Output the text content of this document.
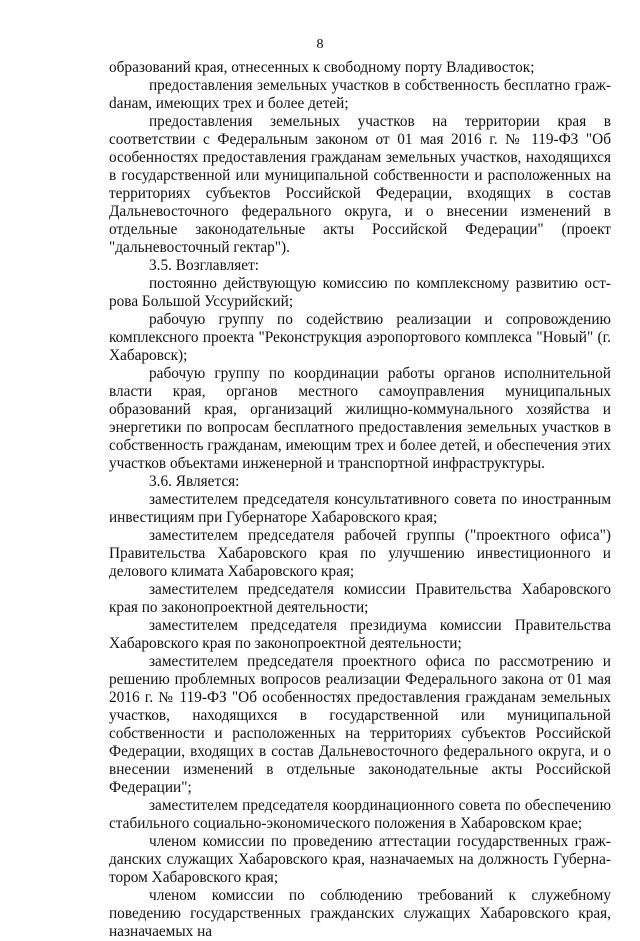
8

образований края, отнесенных к свободному порту Владивосток;

предоставления земельных участков в собственность бесплатно гражdанам, имеющих трех и более детей;

предоставления земельных участков на территории края в соответствии с Федеральным законом от 01 мая 2016 г. № 119-ФЗ "Об особенностях предоставления гражданам земельных участков, находящихся в государственной или муниципальной собственности и расположенных на территориях субъектов Российской Федерации, входящих в состав Дальневосточного федерального округа, и о внесении изменений в отдельные законодательные акты Российской Федерации" (проект "дальневосточный гектар").

3.5. Возглавляет:

постоянно действующую комиссию по комплексному развитию острова Большой Уссурийский;

рабочую группу по содействию реализации и сопровождению комплексного проекта "Реконструкция аэропортового комплекса "Новый" (г. Хабаровск);

рабочую группу по координации работы органов исполнительной власти края, органов местного самоуправления муниципальных образований края, организаций жилищно-коммунального хозяйства и энергетики по вопросам бесплатного предоставления земельных участков в собственность гражданам, имеющим трех и более детей, и обеспечения этих участков объектами инженерной и транспортной инфраструктуры.

3.6. Является:

заместителем председателя консультативного совета по иностранным инвестициям при Губернаторе Хабаровского края;

заместителем председателя рабочей группы ("проектного офиса") Правительства Хабаровского края по улучшению инвестиционного и делового климата Хабаровского края;

заместителем председателя комиссии Правительства Хабаровского края по законопроектной деятельности;

заместителем председателя президиума комиссии Правительства Хабаровского края по законопроектной деятельности;

заместителем председателя проектного офиса по рассмотрению и решению проблемных вопросов реализации Федерального закона от 01 мая 2016 г. № 119-ФЗ "Об особенностях предоставления гражданам земельных участков, находящихся в государственной или муниципальной собственности и расположенных на территориях субъектов Российской Федерации, входящих в состав Дальневосточного федерального округа, и о внесении изменений в отдельные законодательные акты Российской Федерации";

заместителем председателя координационного совета по обеспечению стабильного социально-экономического положения в Хабаровском крае;

членом комиссии по проведению аттестации государственных гражданских служащих Хабаровского края, назначаемых на должность Губернатором Хабаровского края;

членом комиссии по соблюдению требований к служебному поведению государственных гражданских служащих Хабаровского края, назначаемых на
